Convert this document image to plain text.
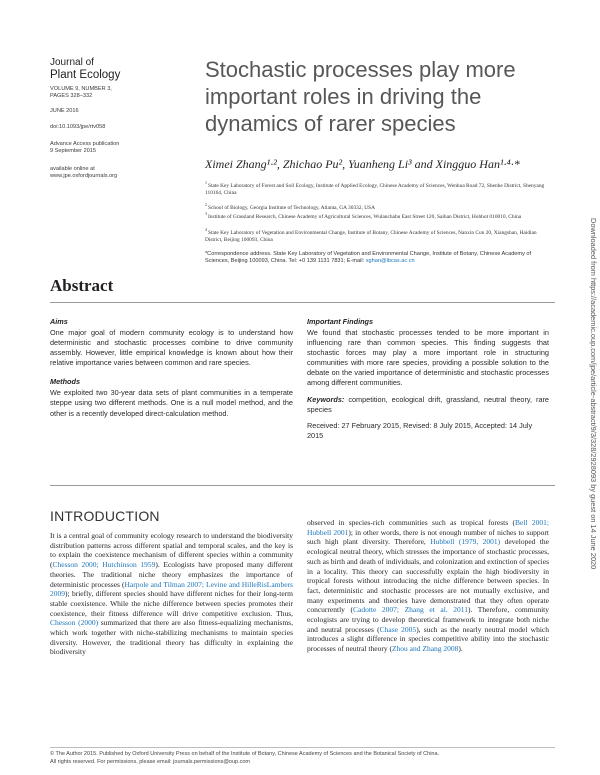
Journal of
Plant Ecology
VOLUME 9, NUMBER 3,
PAGES 328–332
JUNE 2016
doi:10.1093/jpe/rtv058
Advance Access publication
9 September 2015
available online at
www.jpe.oxfordjournals.org
Stochastic processes play more important roles in driving the dynamics of rarer species
Ximei Zhang¹·², Zhichao Pu², Yuanheng Li³ and Xingguo Han¹·⁴·*
$^1$State Key Laboratory of Forest and Soil Ecology, Institute of Applied Ecology, Chinese Academy of Sciences, Wenhua Road 72, Shenhe District, Shenyang 110164, China
$^2$School of Biology, Georgia Institute of Technology, Atlanta, GA 30332, USA
$^3$Institute of Grassland Research, Chinese Academy of Agricultural Sciences, Wulanchabu East Street 120, Saihan District, Hohhot 010010, China
$^4$State Key Laboratory of Vegetation and Environmental Change, Institute of Botany, Chinese Academy of Sciences, Nanxin Cun 20, Xiangshan, Haidian District, Beijing 100093, China
*Correspondence address. State Key Laboratory of Vegetation and Environmental Change, Institute of Botany, Chinese Academy of Sciences, Beijing 100093, China. Tel: +0 139 1131 7831; E-mail: xghan@ibcas.ac.cn	Downloaded from https://academic.oup.com/jpe/article-abstract/9/3/328/2928093 by guest on 14 June 2020
Abstract
Aims

One major goal of modern community ecology is to understand how deterministic and stochastic processes combine to drive community assembly. However, little empirical knowledge is known about how their relative importance varies between common and rare species.

Methods

We exploited two 30-year data sets of plant communities in a temperate steppe using two different methods. One is a null model method, and the other is a recently developed direct-calculation method.

Important Findings

We found that stochastic processes tended to be more important in influencing rare than common species. This finding suggests that stochastic forces may play a more important role in structuring communities with more rare species, providing a possible solution to the debate on the varied importance of deterministic and stochastic processes among different communities.

Keywords: competition, ecological drift, grassland, neutral theory, rare species

Received: 27 February 2015, Revised: 8 July 2015, Accepted: 14 July 2015

INTRODUCTION

It is a central goal of community ecology research to understand the biodiversity distribution patterns across different spatial and temporal scales, and the key is to explain the coexistence mechanism of different species within a community (Chesson 2000; Hutchinson 1959). Ecologists have proposed many different theories. The traditional niche theory emphasizes the importance of deterministic processes (Harpole and Tilman 2007; Levine and HilleRisLambers 2009); briefly, different species should have different niches for their long-term stable coexistence. While the niche difference between species promotes their coexistence, their fitness difference will drive competitive exclusion. Thus, Chesson (2000) summarized that there are also fitness-equalizing mechanisms, which work together with niche-stabilizing mechanisms to maintain species diversity. However, the traditional theory has difficulty in explaining the biodiversity

observed in species-rich communities such as tropical forests (Bell 2001; Hubbell 2001); in other words, there is not enough number of niches to support such high plant diversity. Therefore, Hubbell (1979, 2001) developed the ecological neutral theory, which stresses the importance of stochastic processes, such as birth and death of individuals, and colonization and extinction of species in a locality. This theory can successfully explain the high biodiversity in tropical forests without introducing the niche difference between species. In fact, deterministic and stochastic processes are not mutually exclusive, and many experiments and theories have demonstrated that they often operate concurrently (Cadotte 2007; Zhang et al. 2011). Therefore, community ecologists are trying to develop theoretical framework to integrate both niche and neutral processes (Chase 2005), such as the nearly neutral model which introduces a slight difference in species competitive ability into the stochastic processes of neutral theory (Zhou and Zhang 2008).

© The Author 2015. Published by Oxford University Press on behalf of the Institute of Botany, Chinese Academy of Sciences and the Botanical Society of China.
All rights reserved. For permissions, please email: journals.permissions@oup.com
